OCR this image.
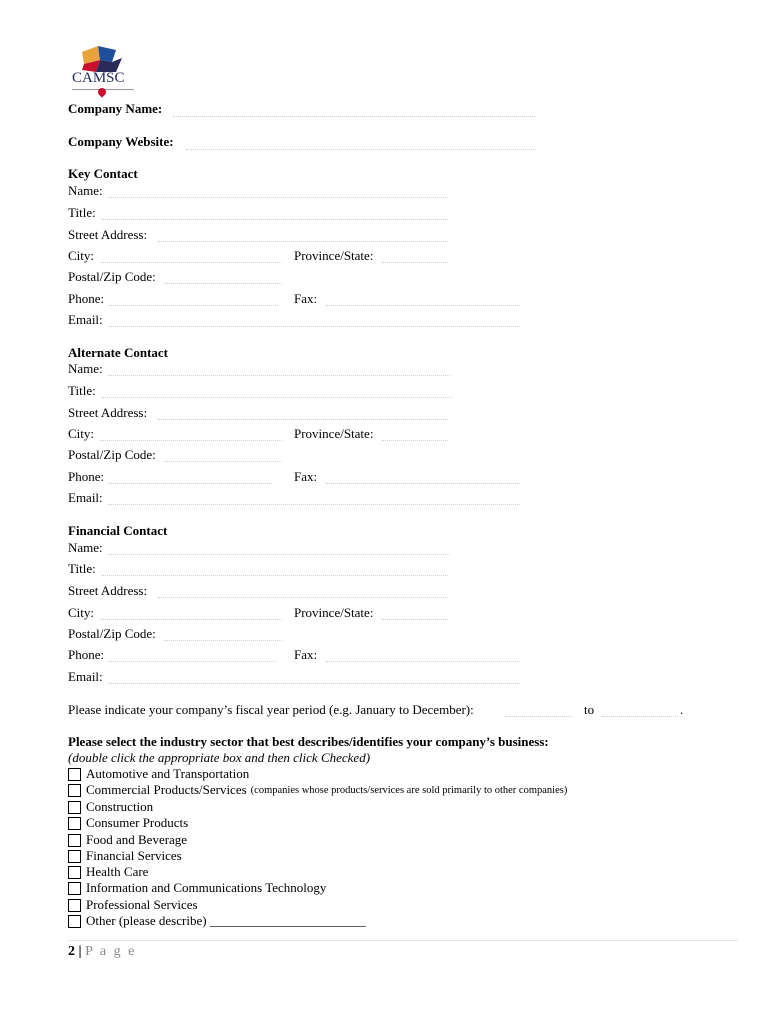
CAMSC
Company Name:
Company Website:
Key Contact
Name:
Title:
Street Address:
City:	Province/State:
Postal/Zip Code:
Phone:	Fax:
Email:
Alternate Contact
Name:
Title:
Street Address:
City:	Province/State:
Postal/Zip Code:
Phone:	Fax:
Email:
Financial Contact
Name:
Title:
Street Address:
City:	Province/State:
Postal/Zip Code:
Phone:	Fax:
Email:
Please indicate your company’s fiscal year period (e.g. January to December):	to	.
Please select the industry sector that best describes/identifies your company’s business:
(double click the appropriate box and then click Checked)
Automotive and Transportation
Commercial Products/Services (companies whose products/services are sold primarily to other companies)
Construction
Consumer Products
Food and Beverage
Financial Services
Health Care
Information and Communications Technology
Professional Services
Other (please describe) ________________________
2 | P a g e
